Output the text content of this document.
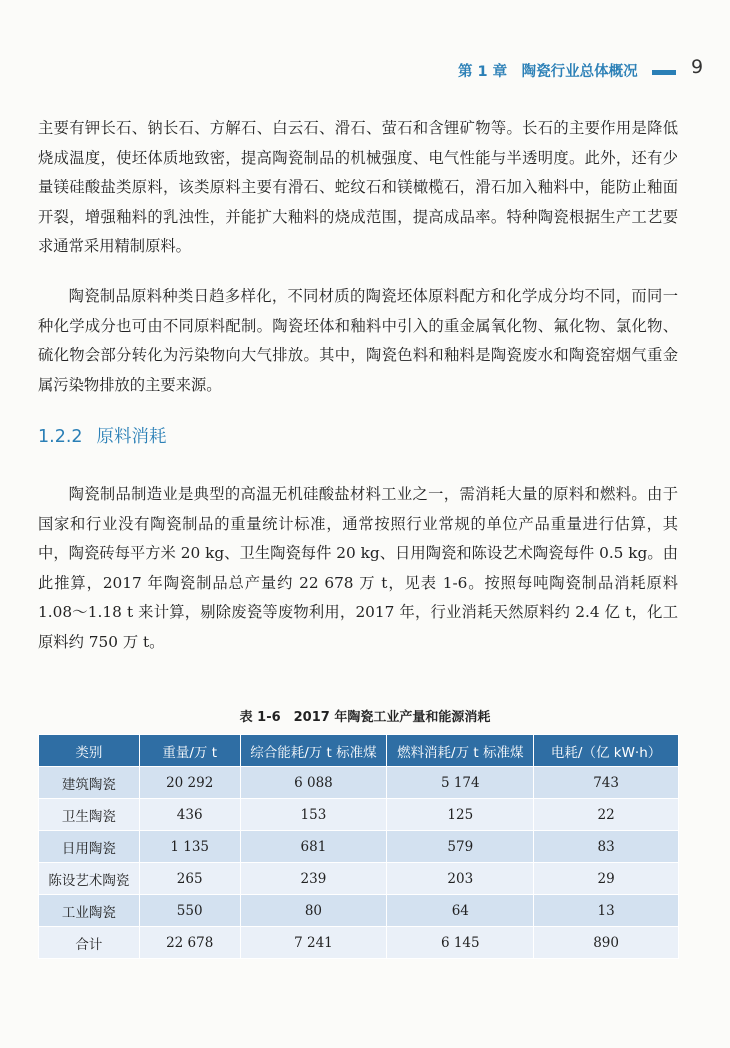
第 1 章　陶瓷行业总体概况	9

主要有钾长石、钠长石、方解石、白云石、滑石、萤石和含锂矿物等。长石的主要作用是降低烧成温度，使坯体质地致密，提高陶瓷制品的机械强度、电气性能与半透明度。此外，还有少量镁硅酸盐类原料，该类原料主要有滑石、蛇纹石和镁橄榄石，滑石加入釉料中，能防止釉面开裂，增强釉料的乳浊性，并能扩大釉料的烧成范围，提高成品率。特种陶瓷根据生产工艺要求通常采用精制原料。

陶瓷制品原料种类日趋多样化，不同材质的陶瓷坯体原料配方和化学成分均不同，而同一种化学成分也可由不同原料配制。陶瓷坯体和釉料中引入的重金属氧化物、氟化物、氯化物、硫化物会部分转化为污染物向大气排放。其中，陶瓷色料和釉料是陶瓷废水和陶瓷窑烟气重金属污染物排放的主要来源。

1.2.2 原料消耗

陶瓷制品制造业是典型的高温无机硅酸盐材料工业之一，需消耗大量的原料和燃料。由于国家和行业没有陶瓷制品的重量统计标准，通常按照行业常规的单位产品重量进行估算，其中，陶瓷砖每平方米 20 kg、卫生陶瓷每件 20 kg、日用陶瓷和陈设艺术陶瓷每件 0.5 kg。由此推算，2017 年陶瓷制品总产量约 22 678 万 t，见表 1-6。按照每吨陶瓷制品消耗原料 1.08～1.18 t 来计算，剔除废瓷等废物利用，2017 年，行业消耗天然原料约 2.4 亿 t，化工原料约 750 万 t。

表 1-6　2017 年陶瓷工业产量和能源消耗
类别	重量/万 t	综合能耗/万 t 标准煤	燃料消耗/万 t 标准煤	电耗/（亿 kW·h）
建筑陶瓷	20 292	6 088	5 174	743
卫生陶瓷	436	153	125	22
日用陶瓷	1 135	681	579	83
陈设艺术陶瓷	265	239	203	29
工业陶瓷	550	80	64	13
合计	22 678	7 241	6 145	890
